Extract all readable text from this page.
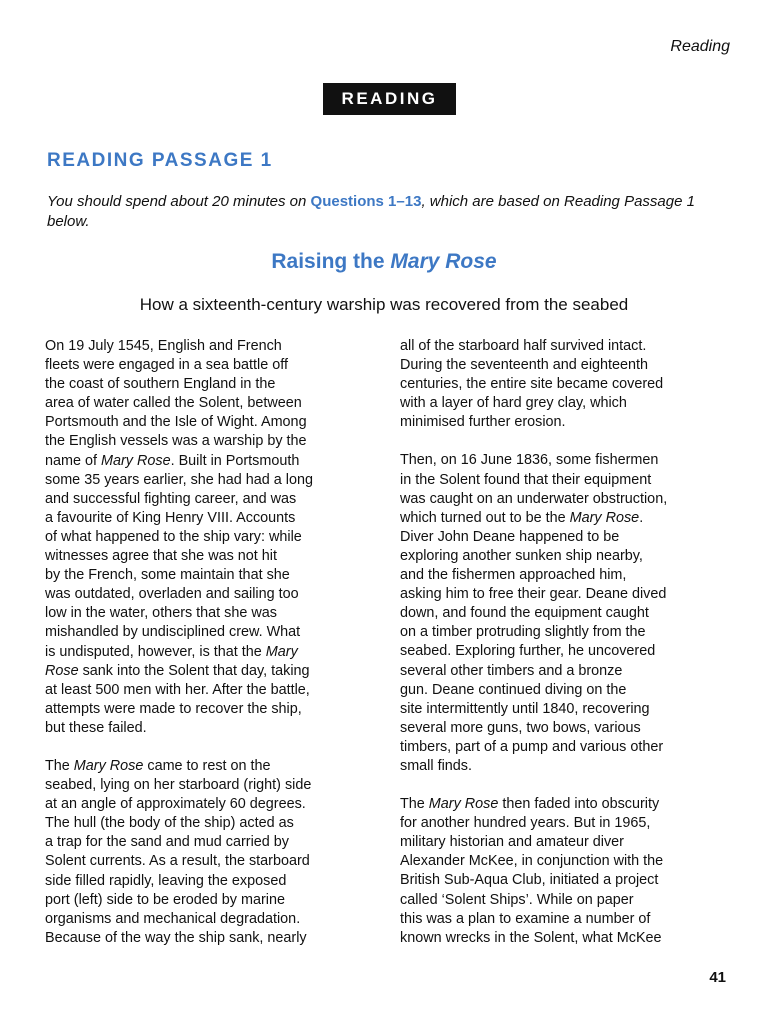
Reading
READING
READING PASSAGE 1
You should spend about 20 minutes on Questions 1–13, which are based on Reading Passage 1 below.
Raising the Mary Rose
How a sixteenth-century warship was recovered from the seabed

On 19 July 1545, English and French
fleets were engaged in a sea battle off
the coast of southern England in the
area of water called the Solent, between
Portsmouth and the Isle of Wight. Among
the English vessels was a warship by the
name of Mary Rose. Built in Portsmouth
some 35 years earlier, she had had a long
and successful fighting career, and was
a favourite of King Henry VIII. Accounts
of what happened to the ship vary: while
witnesses agree that she was not hit
by the French, some maintain that she
was outdated, overladen and sailing too
low in the water, others that she was
mishandled by undisciplined crew. What
is undisputed, however, is that the Mary
Rose sank into the Solent that day, taking
at least 500 men with her. After the battle,
attempts were made to recover the ship,
but these failed.

The Mary Rose came to rest on the
seabed, lying on her starboard (right) side
at an angle of approximately 60 degrees.
The hull (the body of the ship) acted as
a trap for the sand and mud carried by
Solent currents. As a result, the starboard
side filled rapidly, leaving the exposed
port (left) side to be eroded by marine
organisms and mechanical degradation.
Because of the way the ship sank, nearly

all of the starboard half survived intact.
During the seventeenth and eighteenth
centuries, the entire site became covered
with a layer of hard grey clay, which
minimised further erosion.

Then, on 16 June 1836, some fishermen
in the Solent found that their equipment
was caught on an underwater obstruction,
which turned out to be the Mary Rose.
Diver John Deane happened to be
exploring another sunken ship nearby,
and the fishermen approached him,
asking him to free their gear. Deane dived
down, and found the equipment caught
on a timber protruding slightly from the
seabed. Exploring further, he uncovered
several other timbers and a bronze
gun. Deane continued diving on the
site intermittently until 1840, recovering
several more guns, two bows, various
timbers, part of a pump and various other
small finds.

The Mary Rose then faded into obscurity
for another hundred years. But in 1965,
military historian and amateur diver
Alexander McKee, in conjunction with the
British Sub-Aqua Club, initiated a project
called ‘Solent Ships’. While on paper
this was a plan to examine a number of
known wrecks in the Solent, what McKee

41
